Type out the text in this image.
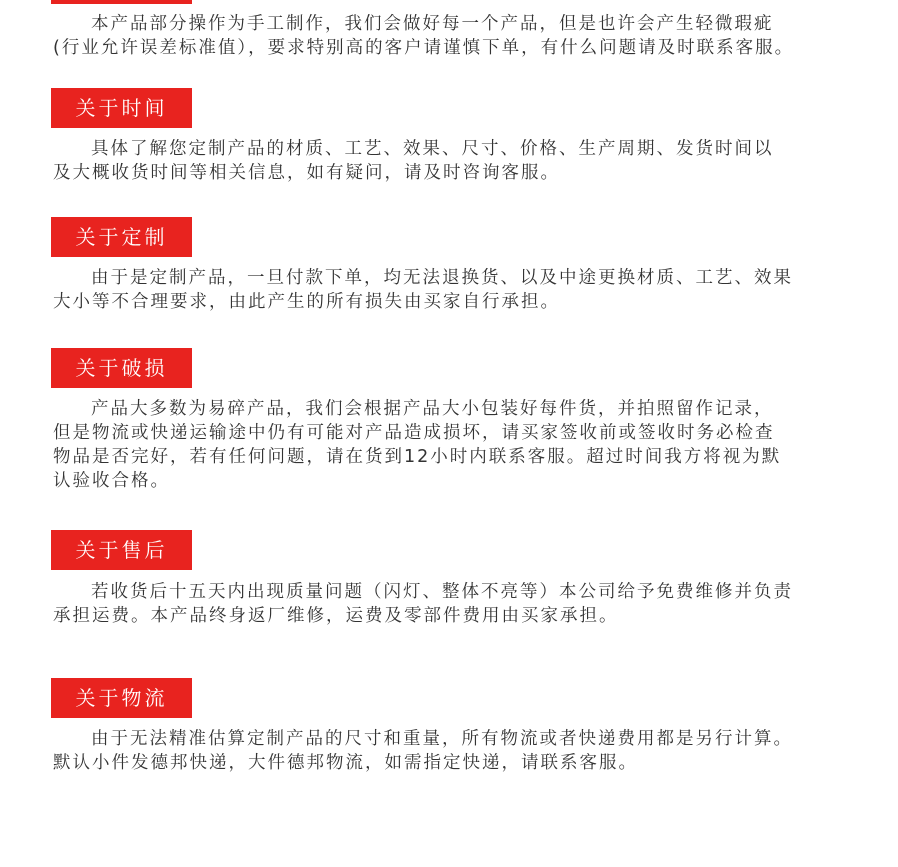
本产品部分操作为手工制作，我们会做好每一个产品，但是也许会产生轻微瑕疵
(行业允许误差标准值），要求特别高的客户请谨慎下单，有什么问题请及时联系客服。

关于时间

具体了解您定制产品的材质、工艺、效果、尺寸、价格、生产周期、发货时间以
及大概收货时间等相关信息，如有疑问，请及时咨询客服。

关于定制

由于是定制产品，一旦付款下单，均无法退换货、以及中途更换材质、工艺、效果
大小等不合理要求，由此产生的所有损失由买家自行承担。

关于破损

产品大多数为易碎产品，我们会根据产品大小包装好每件货，并拍照留作记录，
但是物流或快递运输途中仍有可能对产品造成损坏，请买家签收前或签收时务必检查
物品是否完好，若有任何问题，请在货到12小时内联系客服。超过时间我方将视为默
认验收合格。

关于售后

若收货后十五天内出现质量问题（闪灯、整体不亮等）本公司给予免费维修并负责
承担运费。本产品终身返厂维修，运费及零部件费用由买家承担。

关于物流

由于无法精准估算定制产品的尺寸和重量，所有物流或者快递费用都是另行计算。
默认小件发德邦快递，大件德邦物流，如需指定快递，请联系客服。
